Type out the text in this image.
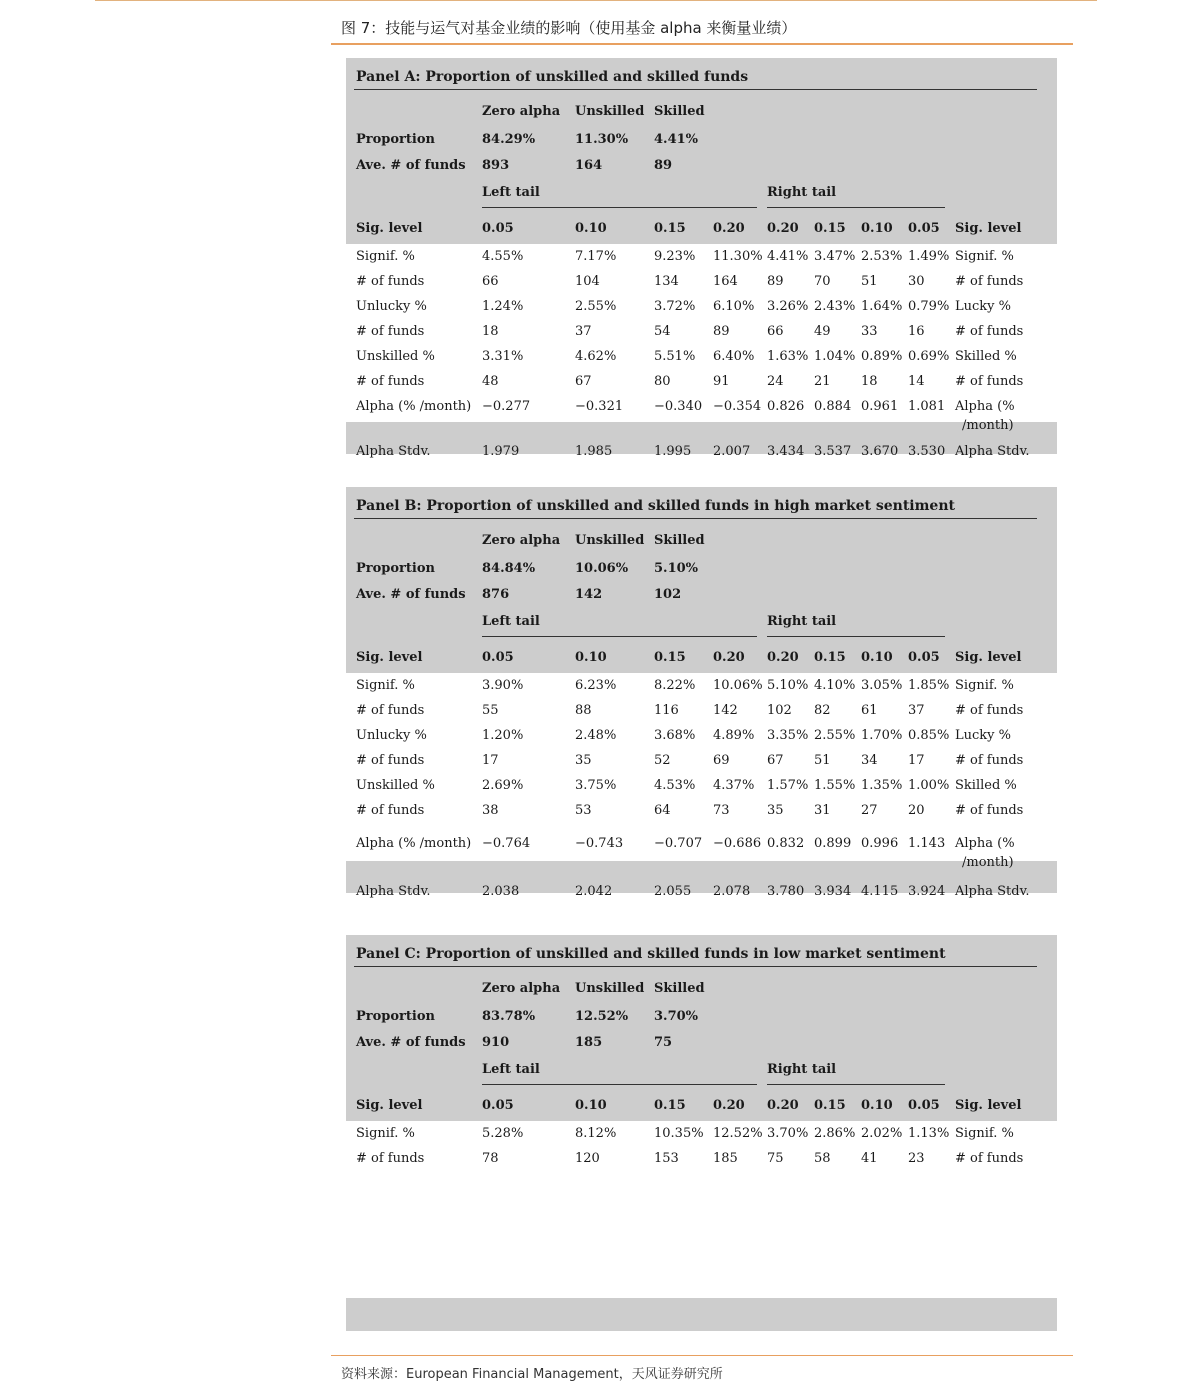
图 7：技能与运气对基金业绩的影响（使用基金 alpha 来衡量业绩）
Panel A: Proportion of unskilled and skilled funds
Zero alpha Unskilled Skilled
Proportion	84.29%	11.30% 4.41%
Ave. # of funds 893	164	89
Left tail	Right tail
Sig. level	0.05	0.10	0.15 0.20 0.20 0.15 0.10 0.05 Sig. level
Signif. %	4.55%	7.17%	9.23% 11.30% 4.41% 3.47% 2.53% 1.49% Signif. %
# of funds	66	104	134	164 89 70 51 30 # of funds
Unlucky %	1.24%	2.55%	3.72% 6.10% 3.26% 2.43% 1.64% 0.79% Lucky %
# of funds	18	37	54	89	66 49 33 16 # of funds
Unskilled %	3.31%	4.62%	5.51% 6.40% 1.63% 1.04% 0.89% 0.69% Skilled %
# of funds	48	67	80	91	24 21 18 14 # of funds
Alpha (% /month) −0.277	−0.321 −0.340 −0.354 0.826 0.884 0.961 1.081 Alpha (%
/month)
Alpha Stdv.	1.979	1.985	1.995 2.007 3.434 3.537 3.670 3.530 Alpha Stdv.
Panel B: Proportion of unskilled and skilled funds in high market sentiment
Zero alpha Unskilled Skilled
Proportion	84.84%	10.06% 5.10%
Ave. # of funds 876	142	102
Left tail	Right tail
Sig. level	0.05	0.10	0.15 0.20 0.20 0.15 0.10 0.05 Sig. level
Signif. %	3.90%	6.23%	8.22% 10.06% 5.10% 4.10% 3.05% 1.85% Signif. %
# of funds	55	88	116	142 102 82 61 37 # of funds
Unlucky %	1.20%	2.48%	3.68% 4.89% 3.35% 2.55% 1.70% 0.85% Lucky %
# of funds	17	35	52	69	67 51 34 17 # of funds
Unskilled %	2.69%	3.75%	4.53% 4.37% 1.57% 1.55% 1.35% 1.00% Skilled %
# of funds	38	53	64	73	35 31 27 20 # of funds
Alpha (% /month) −0.764	−0.743 −0.707 −0.686 0.832 0.899 0.996 1.143 Alpha (%
/month)
Alpha Stdv.	2.038	2.042	2.055 2.078 3.780 3.934 4.115 3.924 Alpha Stdv.
Panel C: Proportion of unskilled and skilled funds in low market sentiment
Zero alpha Unskilled Skilled
Proportion	83.78%	12.52% 3.70%
Ave. # of funds 910	185	75
Left tail	Right tail
Sig. level	0.05	0.10	0.15 0.20 0.20 0.15 0.10 0.05 Sig. level
Signif. %	5.28%	8.12%	10.35% 12.52% 3.70% 2.86% 2.02% 1.13% Signif. %
# of funds	78	120	153	185 75 58 41 23 # of funds
资料来源：European Financial Management，天风证券研究所
